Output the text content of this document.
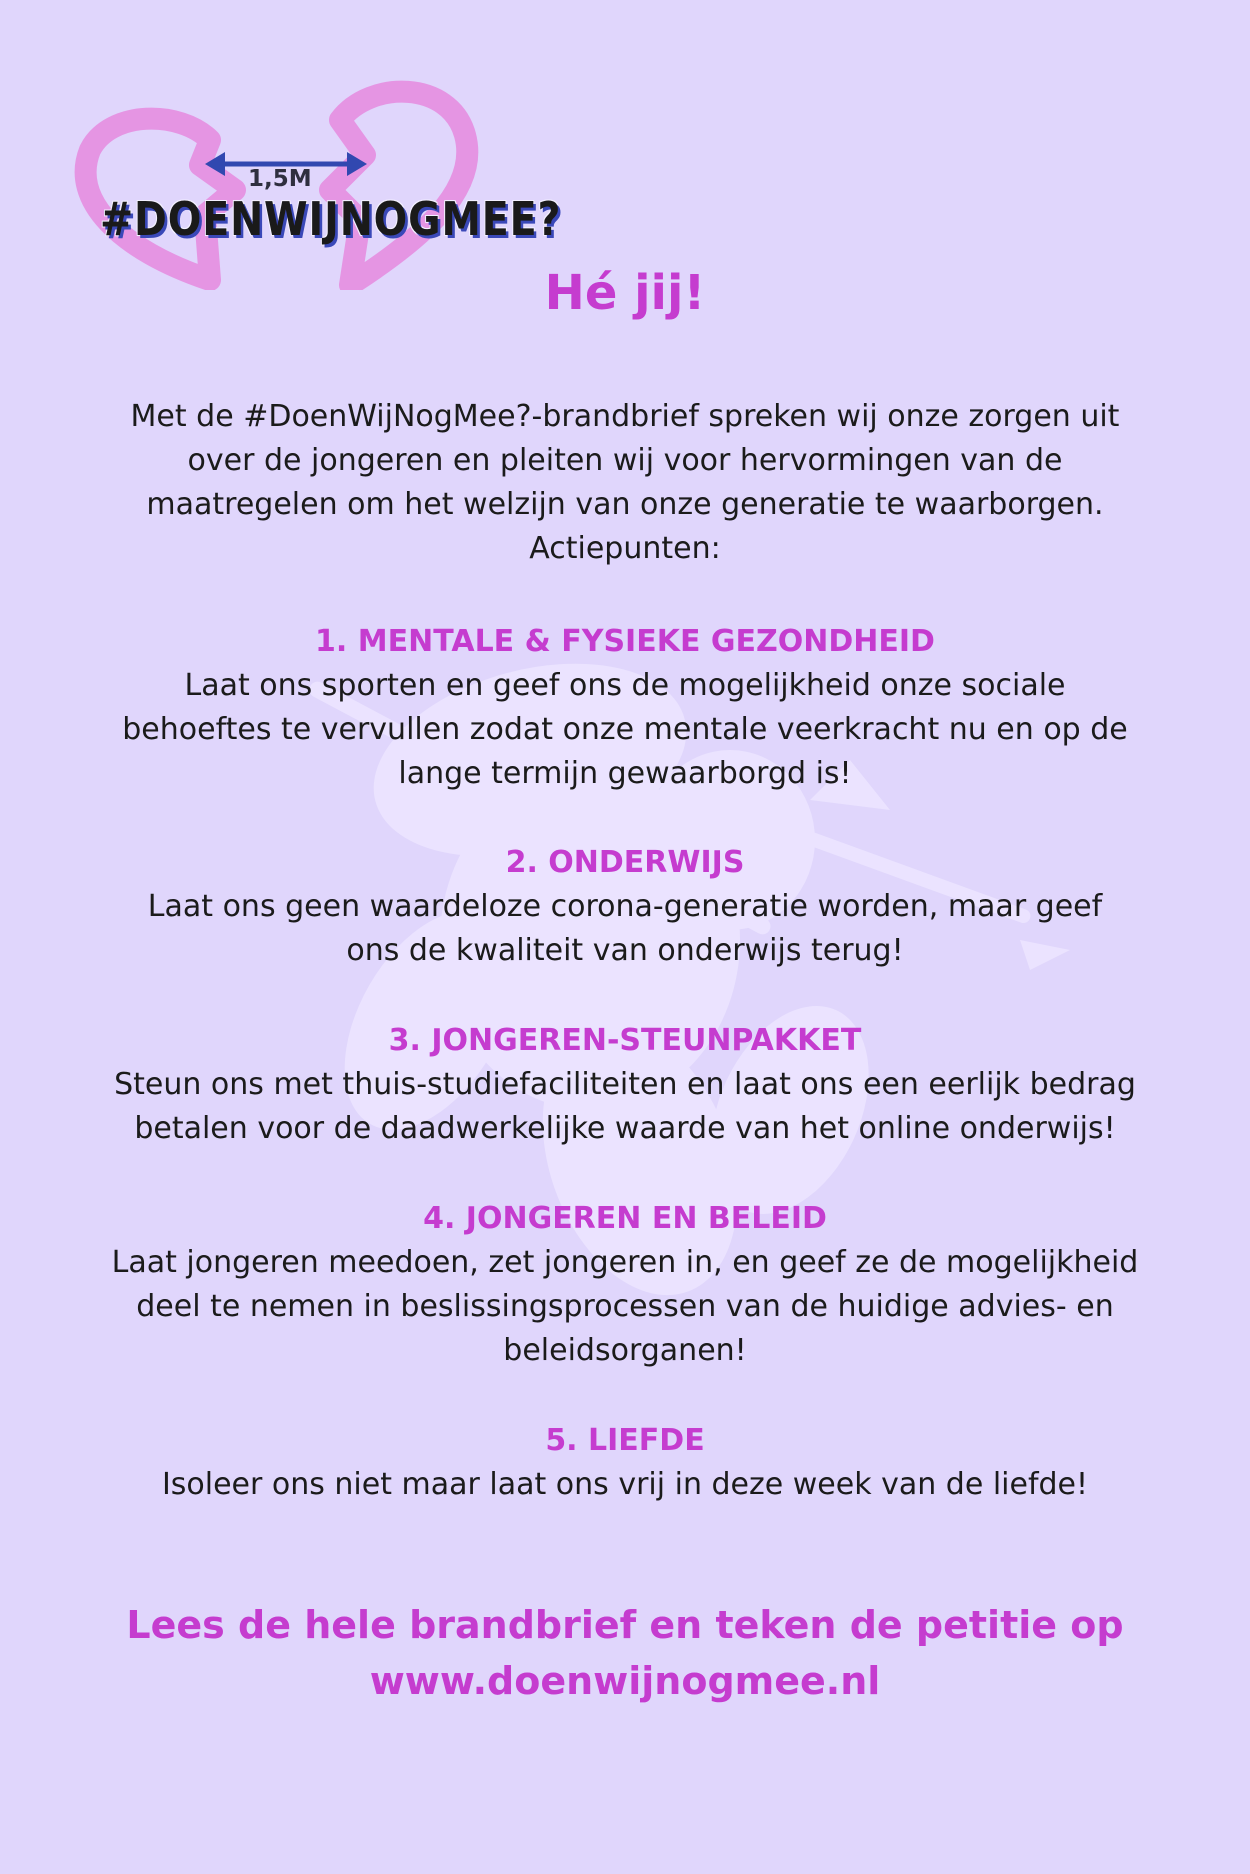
1,5M
#DOENWIJNOGMEE?
Hé jij!
Met de #DoenWijNogMee?-brandbrief spreken wij onze zorgen uit
over de jongeren en pleiten wij voor hervormingen van de
maatregelen om het welzijn van onze generatie te waarborgen.
Actiepunten:
1. MENTALE & FYSIEKE GEZONDHEID
Laat ons sporten en geef ons de mogelijkheid onze sociale
behoeftes te vervullen zodat onze mentale veerkracht nu en op de
lange termijn gewaarborgd is!
2. ONDERWIJS
Laat ons geen waardeloze corona-generatie worden, maar geef
ons de kwaliteit van onderwijs terug!
3. JONGEREN-STEUNPAKKET
Steun ons met thuis-studiefaciliteiten en laat ons een eerlijk bedrag
betalen voor de daadwerkelijke waarde van het online onderwijs!
4. JONGEREN EN BELEID
Laat jongeren meedoen, zet jongeren in, en geef ze de mogelijkheid
deel te nemen in beslissingsprocessen van de huidige advies- en
beleidsorganen!
5. LIEFDE
Isoleer ons niet maar laat ons vrij in deze week van de liefde!
Lees de hele brandbrief en teken de petitie op
www.doenwijnogmee.nl
